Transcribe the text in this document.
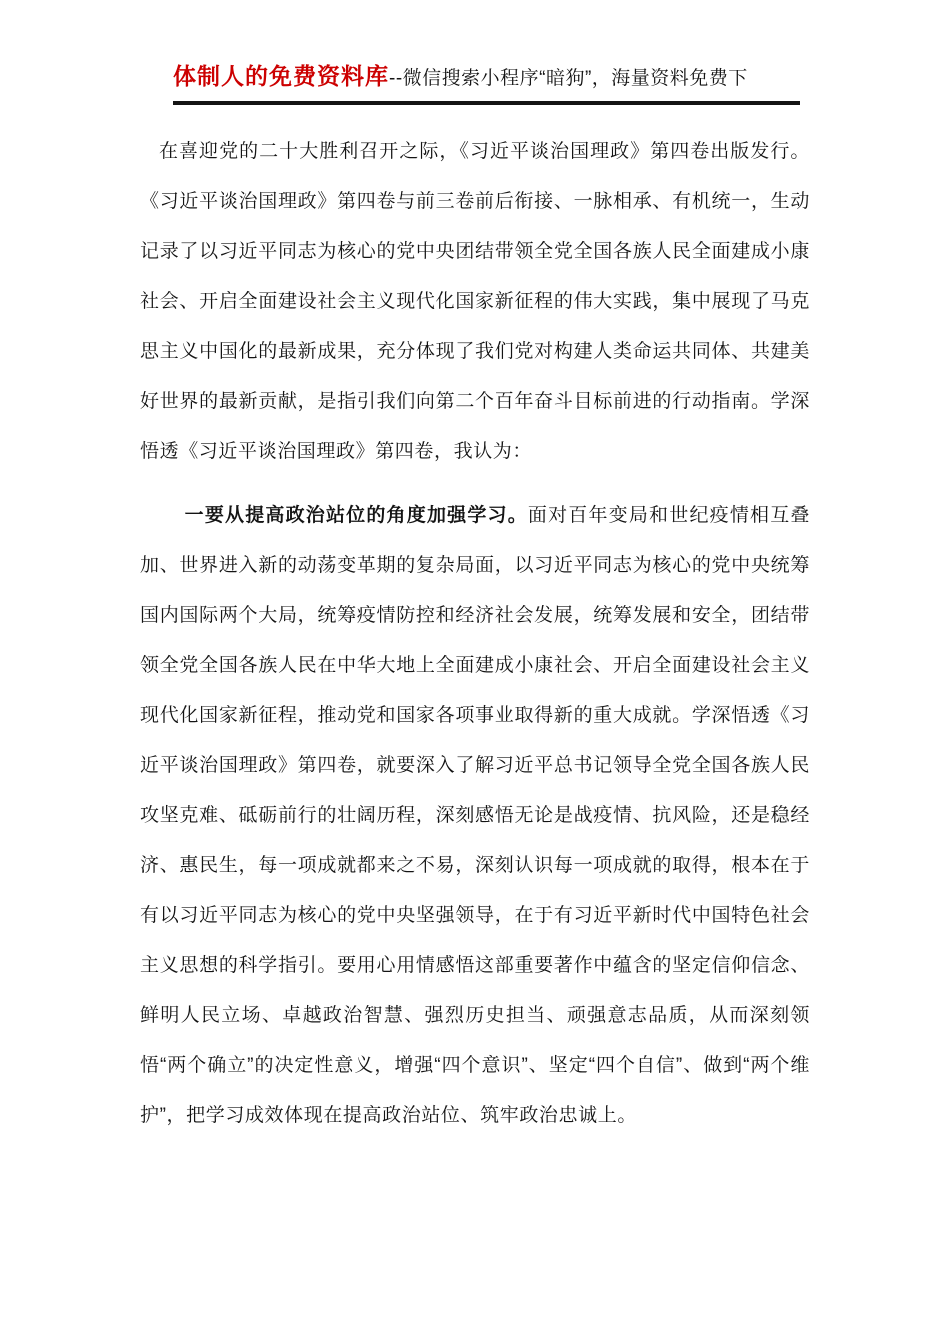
体制人的免费资料库 --微信搜索小程序“暗狗”，海量资料免费下

在喜迎党的二十大胜利召开之际，《习近平谈治国理政》第四卷出版发行。《习近平谈治国理政》第四卷与前三卷前后衔接、一脉相承、有机统一，生动记录了以习近平同志为核心的党中央团结带领全党全国各族人民全面建成小康社会、开启全面建设社会主义现代化国家新征程的伟大实践，集中展现了马克思主义中国化的最新成果，充分体现了我们党对构建人类命运共同体、共建美好世界的最新贡献，是指引我们向第二个百年奋斗目标前进的行动指南。学深悟透《习近平谈治国理政》第四卷，我认为：

一要从提高政治站位的角度加强学习。面对百年变局和世纪疫情相互叠加、世界进入新的动荡变革期的复杂局面，以习近平同志为核心的党中央统筹国内国际两个大局，统筹疫情防控和经济社会发展，统筹发展和安全，团结带领全党全国各族人民在中华大地上全面建成小康社会、开启全面建设社会主义现代化国家新征程，推动党和国家各项事业取得新的重大成就。学深悟透《习近平谈治国理政》第四卷，就要深入了解习近平总书记领导全党全国各族人民攻坚克难、砥砺前行的壮阔历程，深刻感悟无论是战疫情、抗风险，还是稳经济、惠民生，每一项成就都来之不易，深刻认识每一项成就的取得，根本在于有以习近平同志为核心的党中央坚强领导，在于有习近平新时代中国特色社会主义思想的科学指引。要用心用情感悟这部重要著作中蕴含的坚定信仰信念、鲜明人民立场、卓越政治智慧、强烈历史担当、顽强意志品质，从而深刻领悟“两个确立”的决定性意义，增强“四个意识”、坚定“四个自信”、做到“两个维护”，把学习成效体现在提高政治站位、筑牢政治忠诚上。
